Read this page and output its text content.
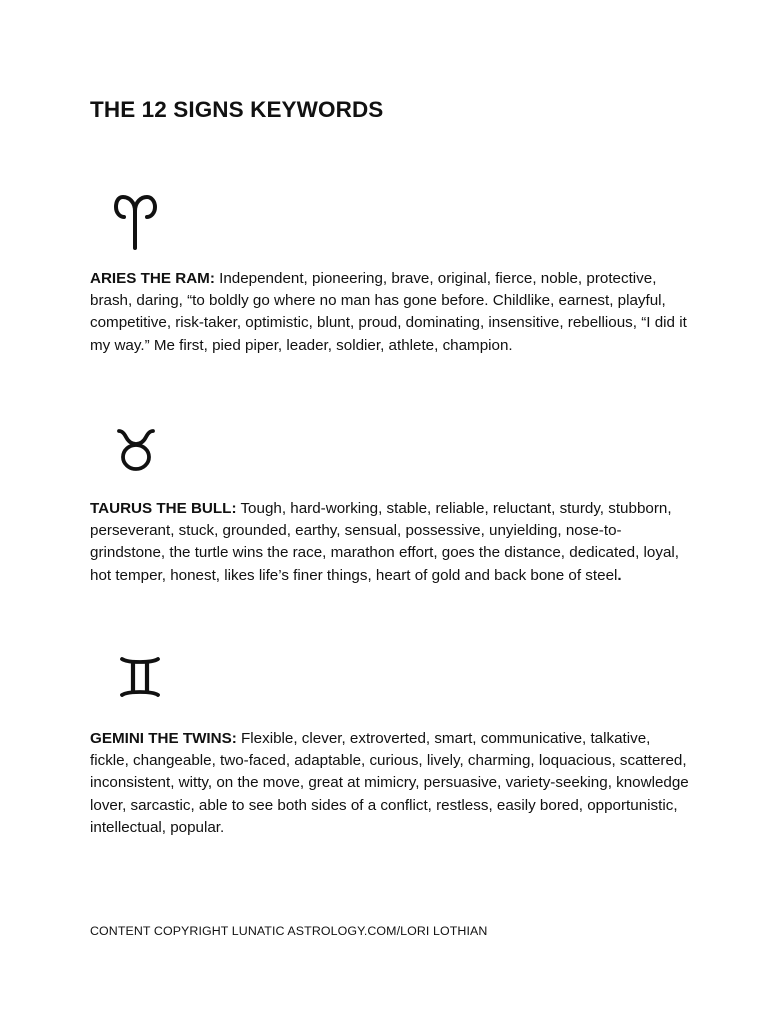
THE 12 SIGNS KEYWORDS

ARIES THE RAM: Independent, pioneering, brave, original, fierce, noble, protective, brash, daring, “to boldly go where no man has gone before. Childlike, earnest, playful, competitive, risk-taker, optimistic, blunt, proud, dominating, insensitive, rebellious, “I did it my way.” Me first, pied piper, leader, soldier, athlete, champion.

TAURUS THE BULL: Tough, hard-working, stable, reliable, reluctant, sturdy, stubborn, perseverant, stuck, grounded, earthy, sensual, possessive, unyielding, nose-to-grindstone, the turtle wins the race, marathon effort, goes the distance, dedicated, loyal, hot temper, honest, likes life’s finer things, heart of gold and back bone of steel.

GEMINI THE TWINS: Flexible, clever, extroverted, smart, communicative, talkative, fickle, changeable, two-faced, adaptable, curious, lively, charming, loquacious, scattered, inconsistent, witty, on the move, great at mimicry, persuasive, variety-seeking, knowledge lover, sarcastic, able to see both sides of a conflict, restless, easily bored, opportunistic, intellectual, popular.

CONTENT COPYRIGHT LUNATIC ASTROLOGY.COM/LORI LOTHIAN
